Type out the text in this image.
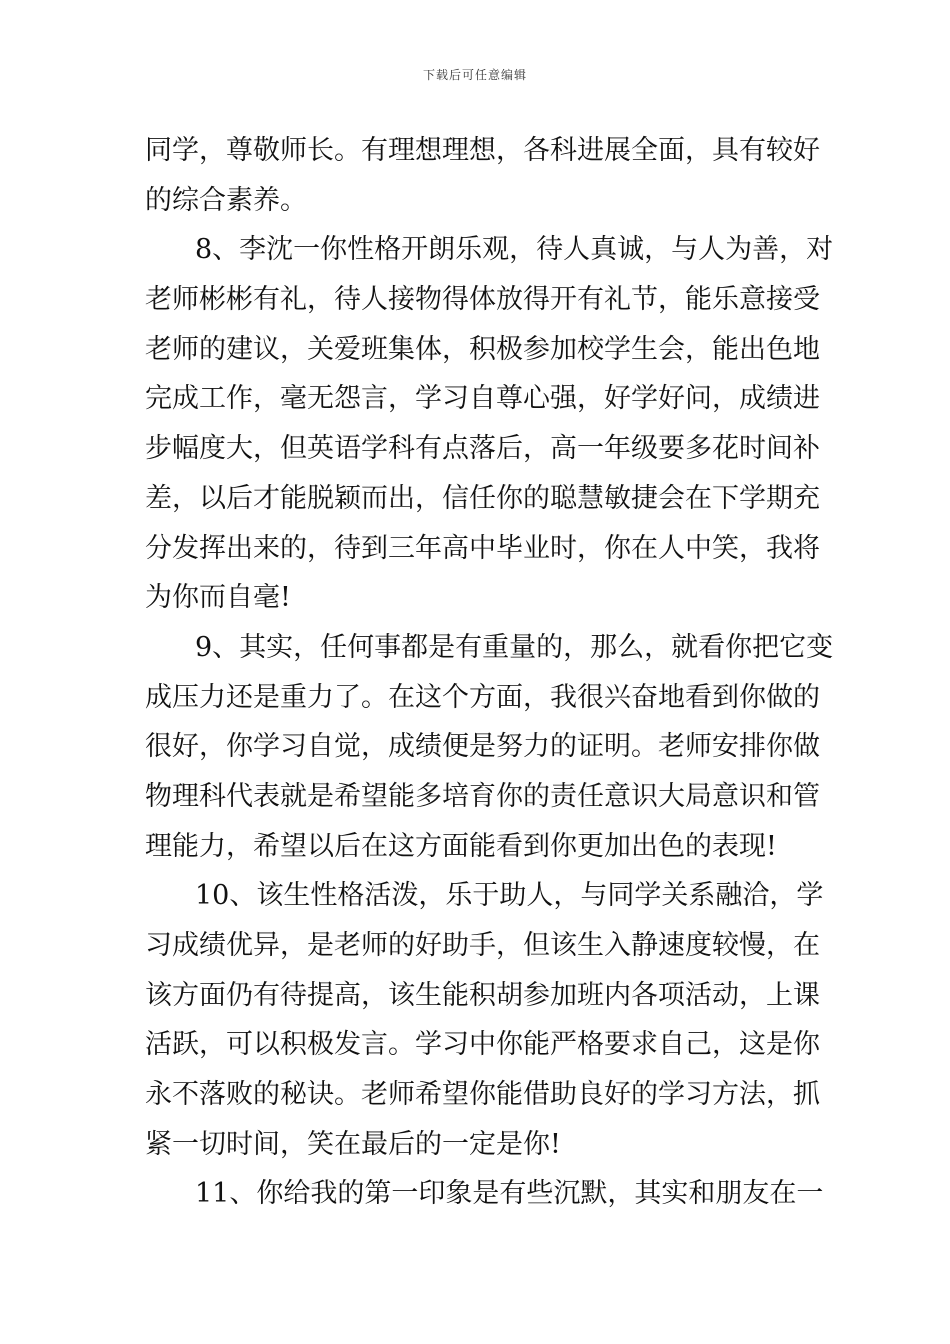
下载后可任意编辑
同学，尊敬师长。有理想理想，各科进展全面，具有较好
的综合素养。
8、李沈一你性格开朗乐观，待人真诚，与人为善，对
老师彬彬有礼，待人接物得体放得开有礼节，能乐意接受
老师的建议，关爱班集体，积极参加校学生会，能出色地
完成工作，毫无怨言，学习自尊心强，好学好问，成绩进
步幅度大，但英语学科有点落后，高一年级要多花时间补
差，以后才能脱颖而出，信任你的聪慧敏捷会在下学期充
分发挥出来的，待到三年高中毕业时，你在人中笑，我将
为你而自毫!
9、其实，任何事都是有重量的，那么，就看你把它变
成压力还是重力了。在这个方面，我很兴奋地看到你做的
很好，你学习自觉，成绩便是努力的证明。老师安排你做
物理科代表就是希望能多培育你的责任意识大局意识和管
理能力，希望以后在这方面能看到你更加出色的表现!
10、该生性格活泼，乐于助人，与同学关系融洽，学
习成绩优异，是老师的好助手，但该生入静速度较慢，在
该方面仍有待提高，该生能积胡参加班内各项活动，上课
活跃，可以积极发言。学习中你能严格要求自己，这是你
永不落败的秘诀。老师希望你能借助良好的学习方法，抓
紧一切时间，笑在最后的一定是你!
11、你给我的第一印象是有些沉默，其实和朋友在一
